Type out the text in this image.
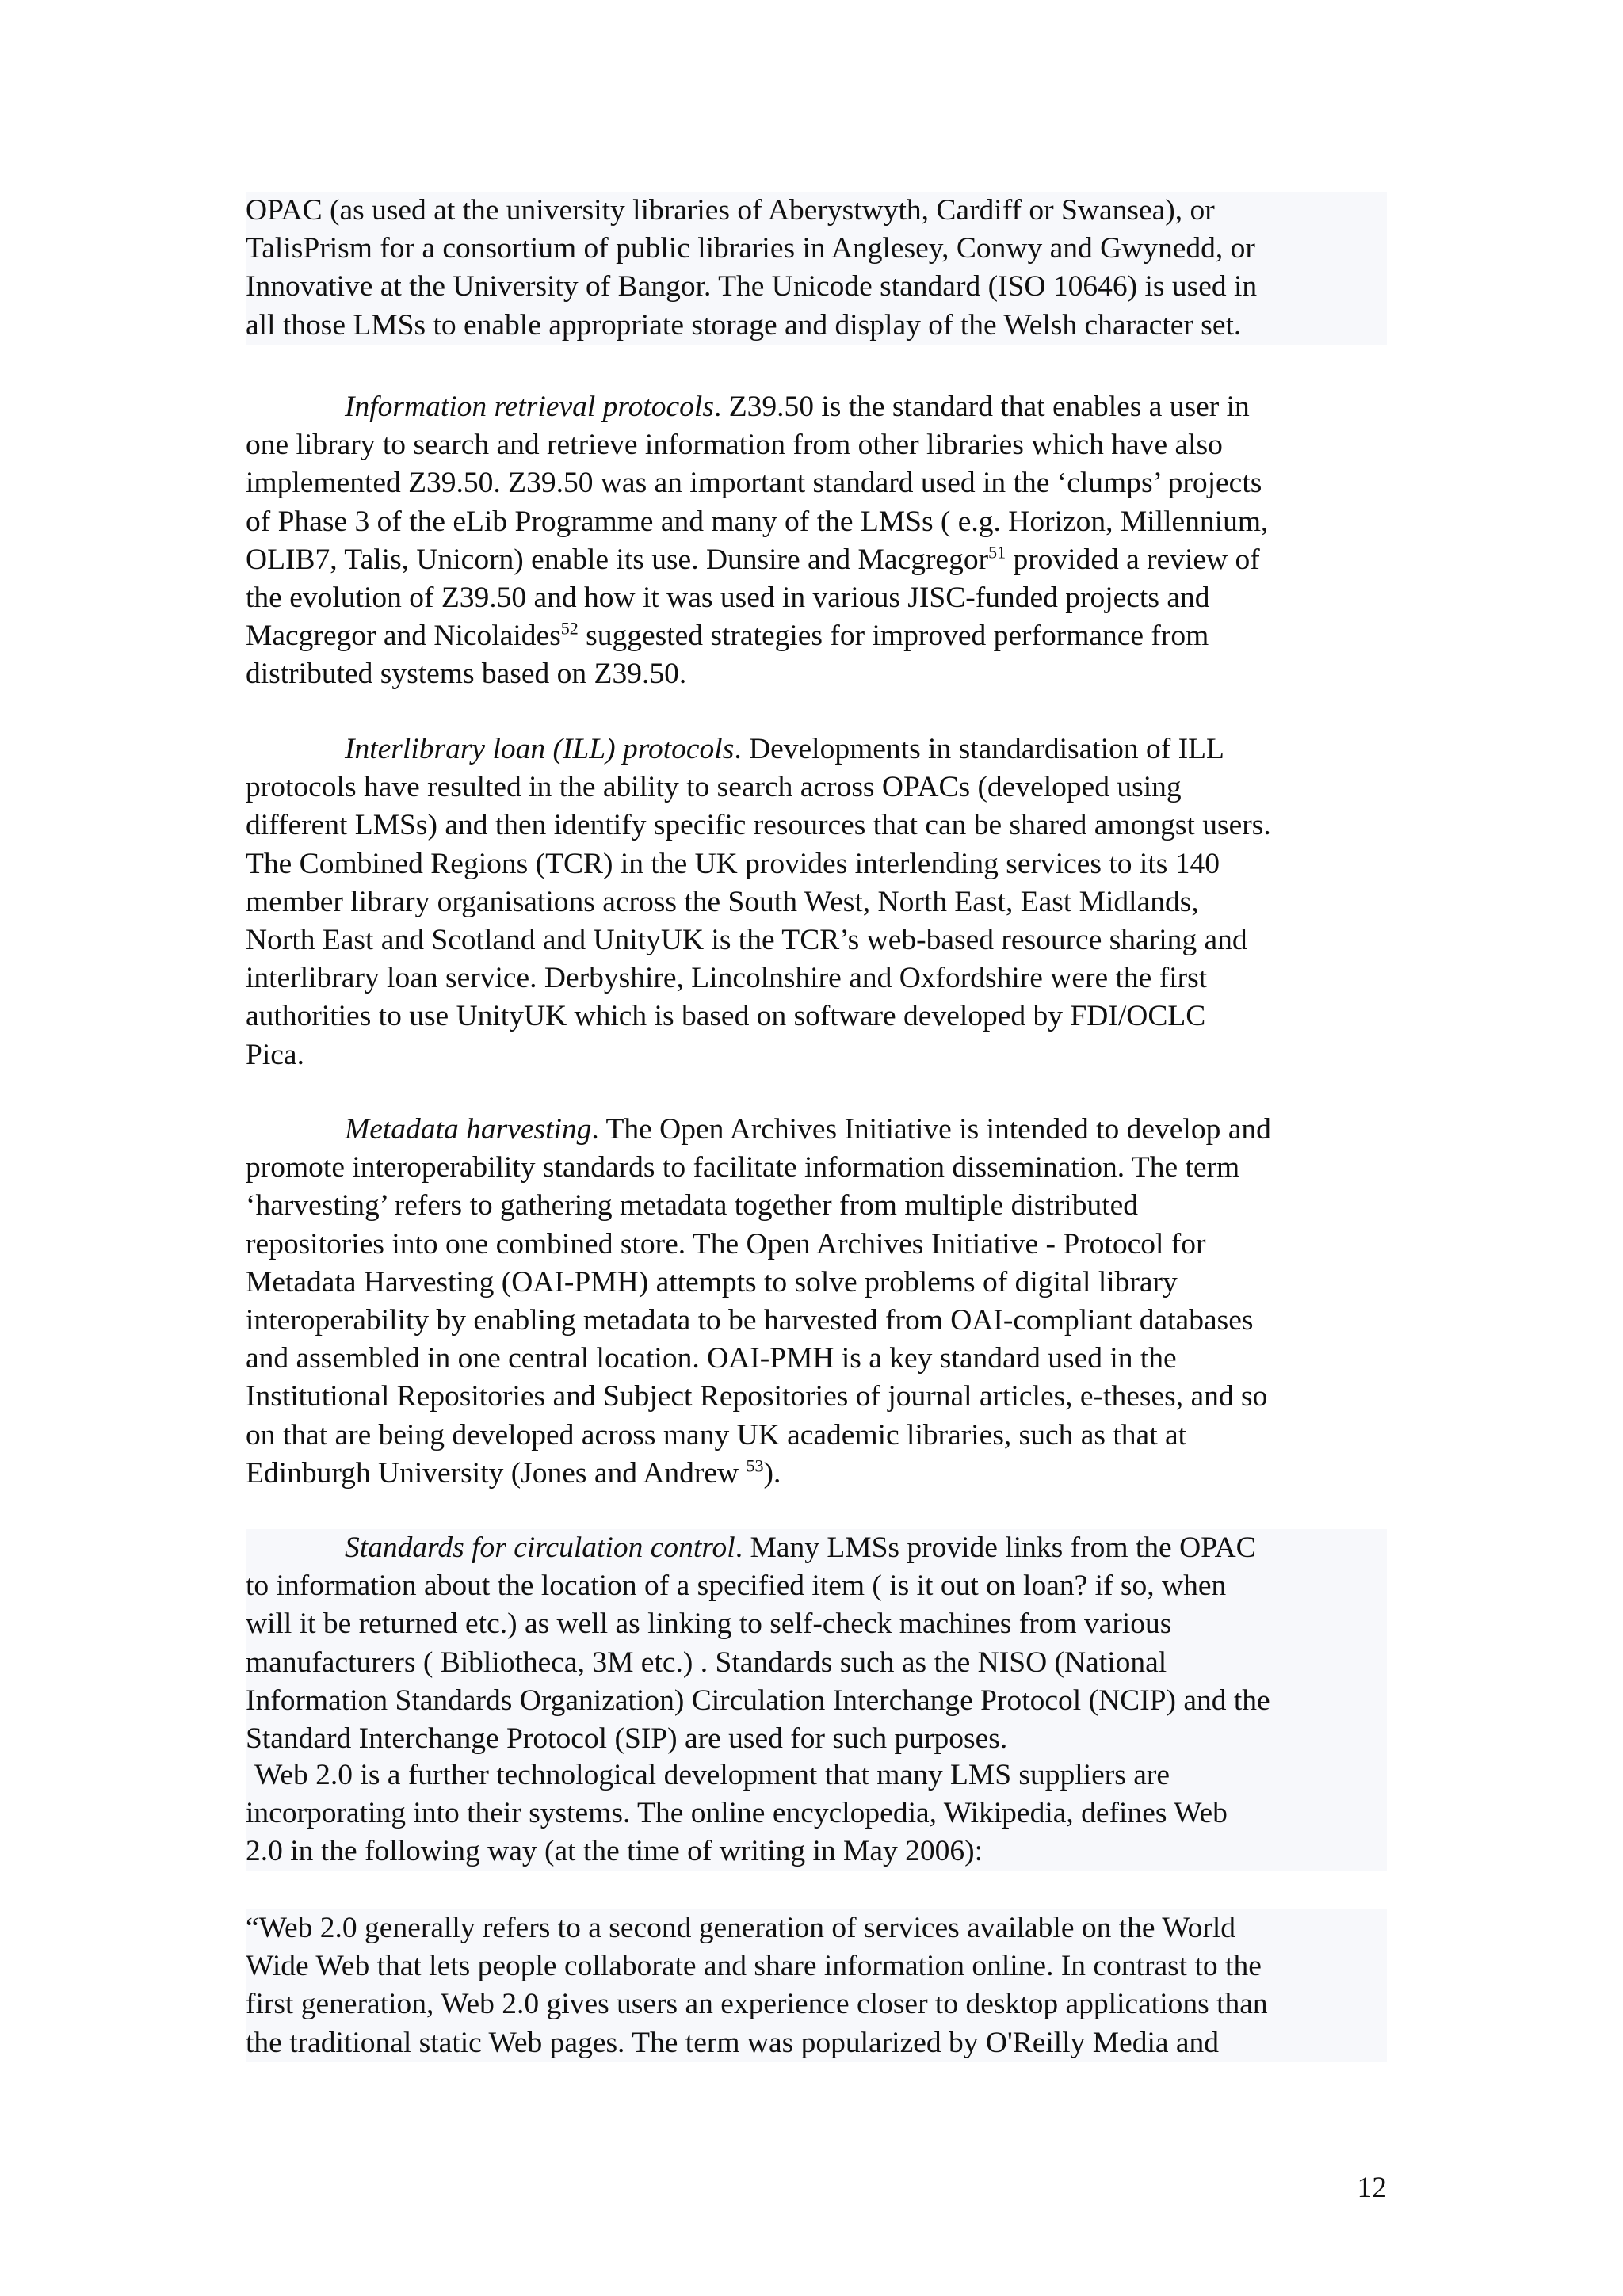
OPAC (as used at the university libraries of Aberystwyth, Cardiff or Swansea), or
TalisPrism for a consortium of public libraries in Anglesey, Conwy and Gwynedd, or
Innovative at the University of Bangor. The Unicode standard (ISO 10646) is used in
all those LMSs to enable appropriate storage and display of the Welsh character set.
Information retrieval protocols. Z39.50 is the standard that enables a user in
one library to search and retrieve information from other libraries which have also
implemented Z39.50. Z39.50 was an important standard used in the ‘clumps’ projects
of Phase 3 of the eLib Programme and many of the LMSs ( e.g. Horizon, Millennium,
OLIB7, Talis, Unicorn) enable its use. Dunsire and Macgregor$^{51}$ provided a review of
the evolution of Z39.50 and how it was used in various JISC-funded projects and
Macgregor and Nicolaides$^{52}$ suggested strategies for improved performance from
distributed systems based on Z39.50.
Interlibrary loan (ILL) protocols. Developments in standardisation of ILL
protocols have resulted in the ability to search across OPACs (developed using
different LMSs) and then identify specific resources that can be shared amongst users.
The Combined Regions (TCR) in the UK provides interlending services to its 140
member library organisations across the South West, North East, East Midlands,
North East and Scotland and UnityUK is the TCR’s web-based resource sharing and
interlibrary loan service. Derbyshire, Lincolnshire and Oxfordshire were the first
authorities to use UnityUK which is based on software developed by FDI/OCLC
Pica.
Metadata harvesting. The Open Archives Initiative is intended to develop and
promote interoperability standards to facilitate information dissemination. The term
‘harvesting’ refers to gathering metadata together from multiple distributed
repositories into one combined store. The Open Archives Initiative - Protocol for
Metadata Harvesting (OAI-PMH) attempts to solve problems of digital library
interoperability by enabling metadata to be harvested from OAI-compliant databases
and assembled in one central location. OAI-PMH is a key standard used in the
Institutional Repositories and Subject Repositories of journal articles, e-theses, and so
on that are being developed across many UK academic libraries, such as that at
Edinburgh University (Jones and Andrew $^{53}$).
Standards for circulation control. Many LMSs provide links from the OPAC
to information about the location of a specified item ( is it out on loan? if so, when
will it be returned etc.) as well as linking to self-check machines from various
manufacturers ( Bibliotheca, 3M etc.) . Standards such as the NISO (National
Information Standards Organization) Circulation Interchange Protocol (NCIP) and the
Standard Interchange Protocol (SIP) are used for such purposes.
Web 2.0 is a further technological development that many LMS suppliers are
incorporating into their systems. The online encyclopedia, Wikipedia, defines Web
2.0 in the following way (at the time of writing in May 2006):
“Web 2.0 generally refers to a second generation of services available on the World
Wide Web that lets people collaborate and share information online. In contrast to the
first generation, Web 2.0 gives users an experience closer to desktop applications than
the traditional static Web pages. The term was popularized by O'Reilly Media and
12
